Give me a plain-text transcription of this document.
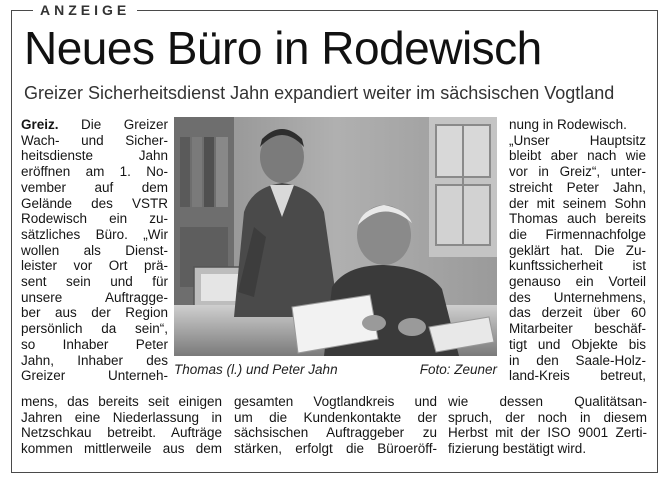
ANZEIGE
Neues Büro in Rodewisch
Greizer Sicherheitsdienst Jahn expandiert weiter im sächsischen Vogtland

Greiz. Die Greizer

Wach- und Sicher-

heitsdienste Jahn

eröffnen am 1. No-

vember auf dem

Gelände des VSTR

Rodewisch ein zu-

sätzliches Büro. „Wir

wollen als Dienst-

leister vor Ort prä-

sent sein und für

unsere Auftragge-

ber aus der Region

persönlich da sein“,

so Inhaber Peter

Jahn, Inhaber des

Greizer Unterneh-

mens, das bereits seit einigen

Jahren eine Niederlassung in

Netzschkau betreibt. Aufträge

kommen mittlerweile aus dem

gesamten Vogtlandkreis und

um die Kundenkontakte der

sächsischen Auftraggeber zu

stärken, erfolgt die Büroeröff-

wie dessen Qualitätsan-

spruch, der noch in diesem

Herbst mit der ISO 9001 Zerti-

fizierung bestätigt wird.

nung in Rodewisch.

„Unser Hauptsitz

bleibt aber nach wie

vor in Greiz“, unter-

streicht Peter Jahn,

der mit seinem Sohn

Thomas auch bereits

die Firmennachfolge

geklärt hat. Die Zu-

kunftssicherheit ist

genauso ein Vorteil

des Unternehmens,

das derzeit über 60

Mitarbeiter beschäf-

tigt und Objekte bis

in den Saale-Holz-

land-Kreis betreut,

Thomas (l.) und Peter Jahn	Foto: Zeuner
